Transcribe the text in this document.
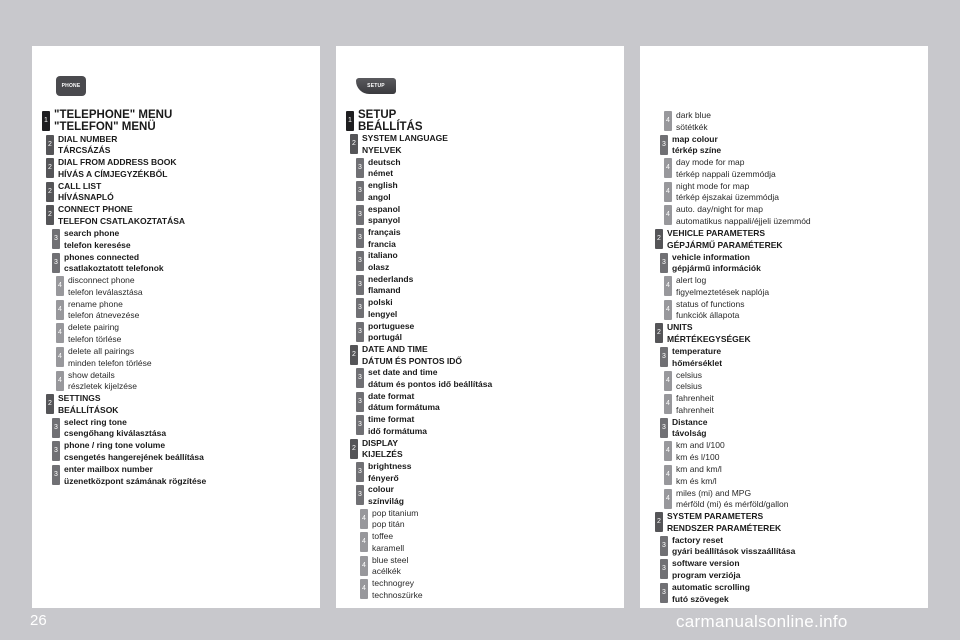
PHONE
1 "TELEPHONE" MENU
"TELEFON" MENÜ
2
DIAL NUMBER
TÁRCSÁZÁS
2
DIAL FROM ADDRESS BOOK
HÍVÁS A CÍMJEGYZÉKBŐL
2
CALL LIST
HÍVÁSNAPLÓ
2
CONNECT PHONE
TELEFON CSATLAKOZTATÁSA
3
search phone
telefon keresése
3
phones connected
csatlakoztatott telefonok
4
disconnect phone
telefon leválasztása
4
rename phone
telefon átnevezése
4
delete pairing
telefon törlése
4
delete all pairings
minden telefon törlése
4
show details
részletek kijelzése
2
SETTINGS
BEÁLLÍTÁSOK
3
select ring tone
csengőhang kiválasztása
3
phone / ring tone volume
csengetés hangerejének beállítása
3
enter mailbox number
üzenetközpont számának rögzítése
SETUP
1 SETUP
BEÁLLÍTÁS
2
SYSTEM LANGUAGE
NYELVEK
3
deutsch
német
3
english
angol
3
espanol
spanyol
3
français
francia
3
italiano
olasz
3
nederlands
flamand
3
polski
lengyel
3
portuguese
portugál
2
DATE AND TIME
DÁTUM ÉS PONTOS IDŐ
3
set date and time
dátum és pontos idő beállítása
3
date format
dátum formátuma
3
time format
idő formátuma
2
DISPLAY
KIJELZÉS
3
brightness
fényerő
3
colour
színvilág
4
pop titanium
pop titán
4
toffee
karamell
4
blue steel
acélkék
4
technogrey
technoszürke
4
dark blue
sötétkék
3
map colour
térkép színe
4
day mode for map
térkép nappali üzemmódja
4
night mode for map
térkép éjszakai üzemmódja
4
auto. day/night for map
automatikus nappali/éjjeli üzemmód
2
VEHICLE PARAMETERS
GÉPJÁRMŰ PARAMÉTEREK
3
vehicle information
gépjármű információk
4
alert log
figyelmeztetések naplója
4
status of functions
funkciók állapota
2
UNITS
MÉRTÉKEGYSÉGEK
3
temperature
hőmérséklet
4
celsius
celsius
4
fahrenheit
fahrenheit
3
Distance
távolság
4
km and l/100
km és l/100
4
km and km/l
km és km/l
4
miles (mi) and MPG
mérföld (mi) és mérföld/gallon
2
SYSTEM PARAMETERS
RENDSZER PARAMÉTEREK
3
factory reset
gyári beállítások visszaállítása
3
software version
program verziója
3
automatic scrolling
futó szövegek
26	carmanualsonline.info
